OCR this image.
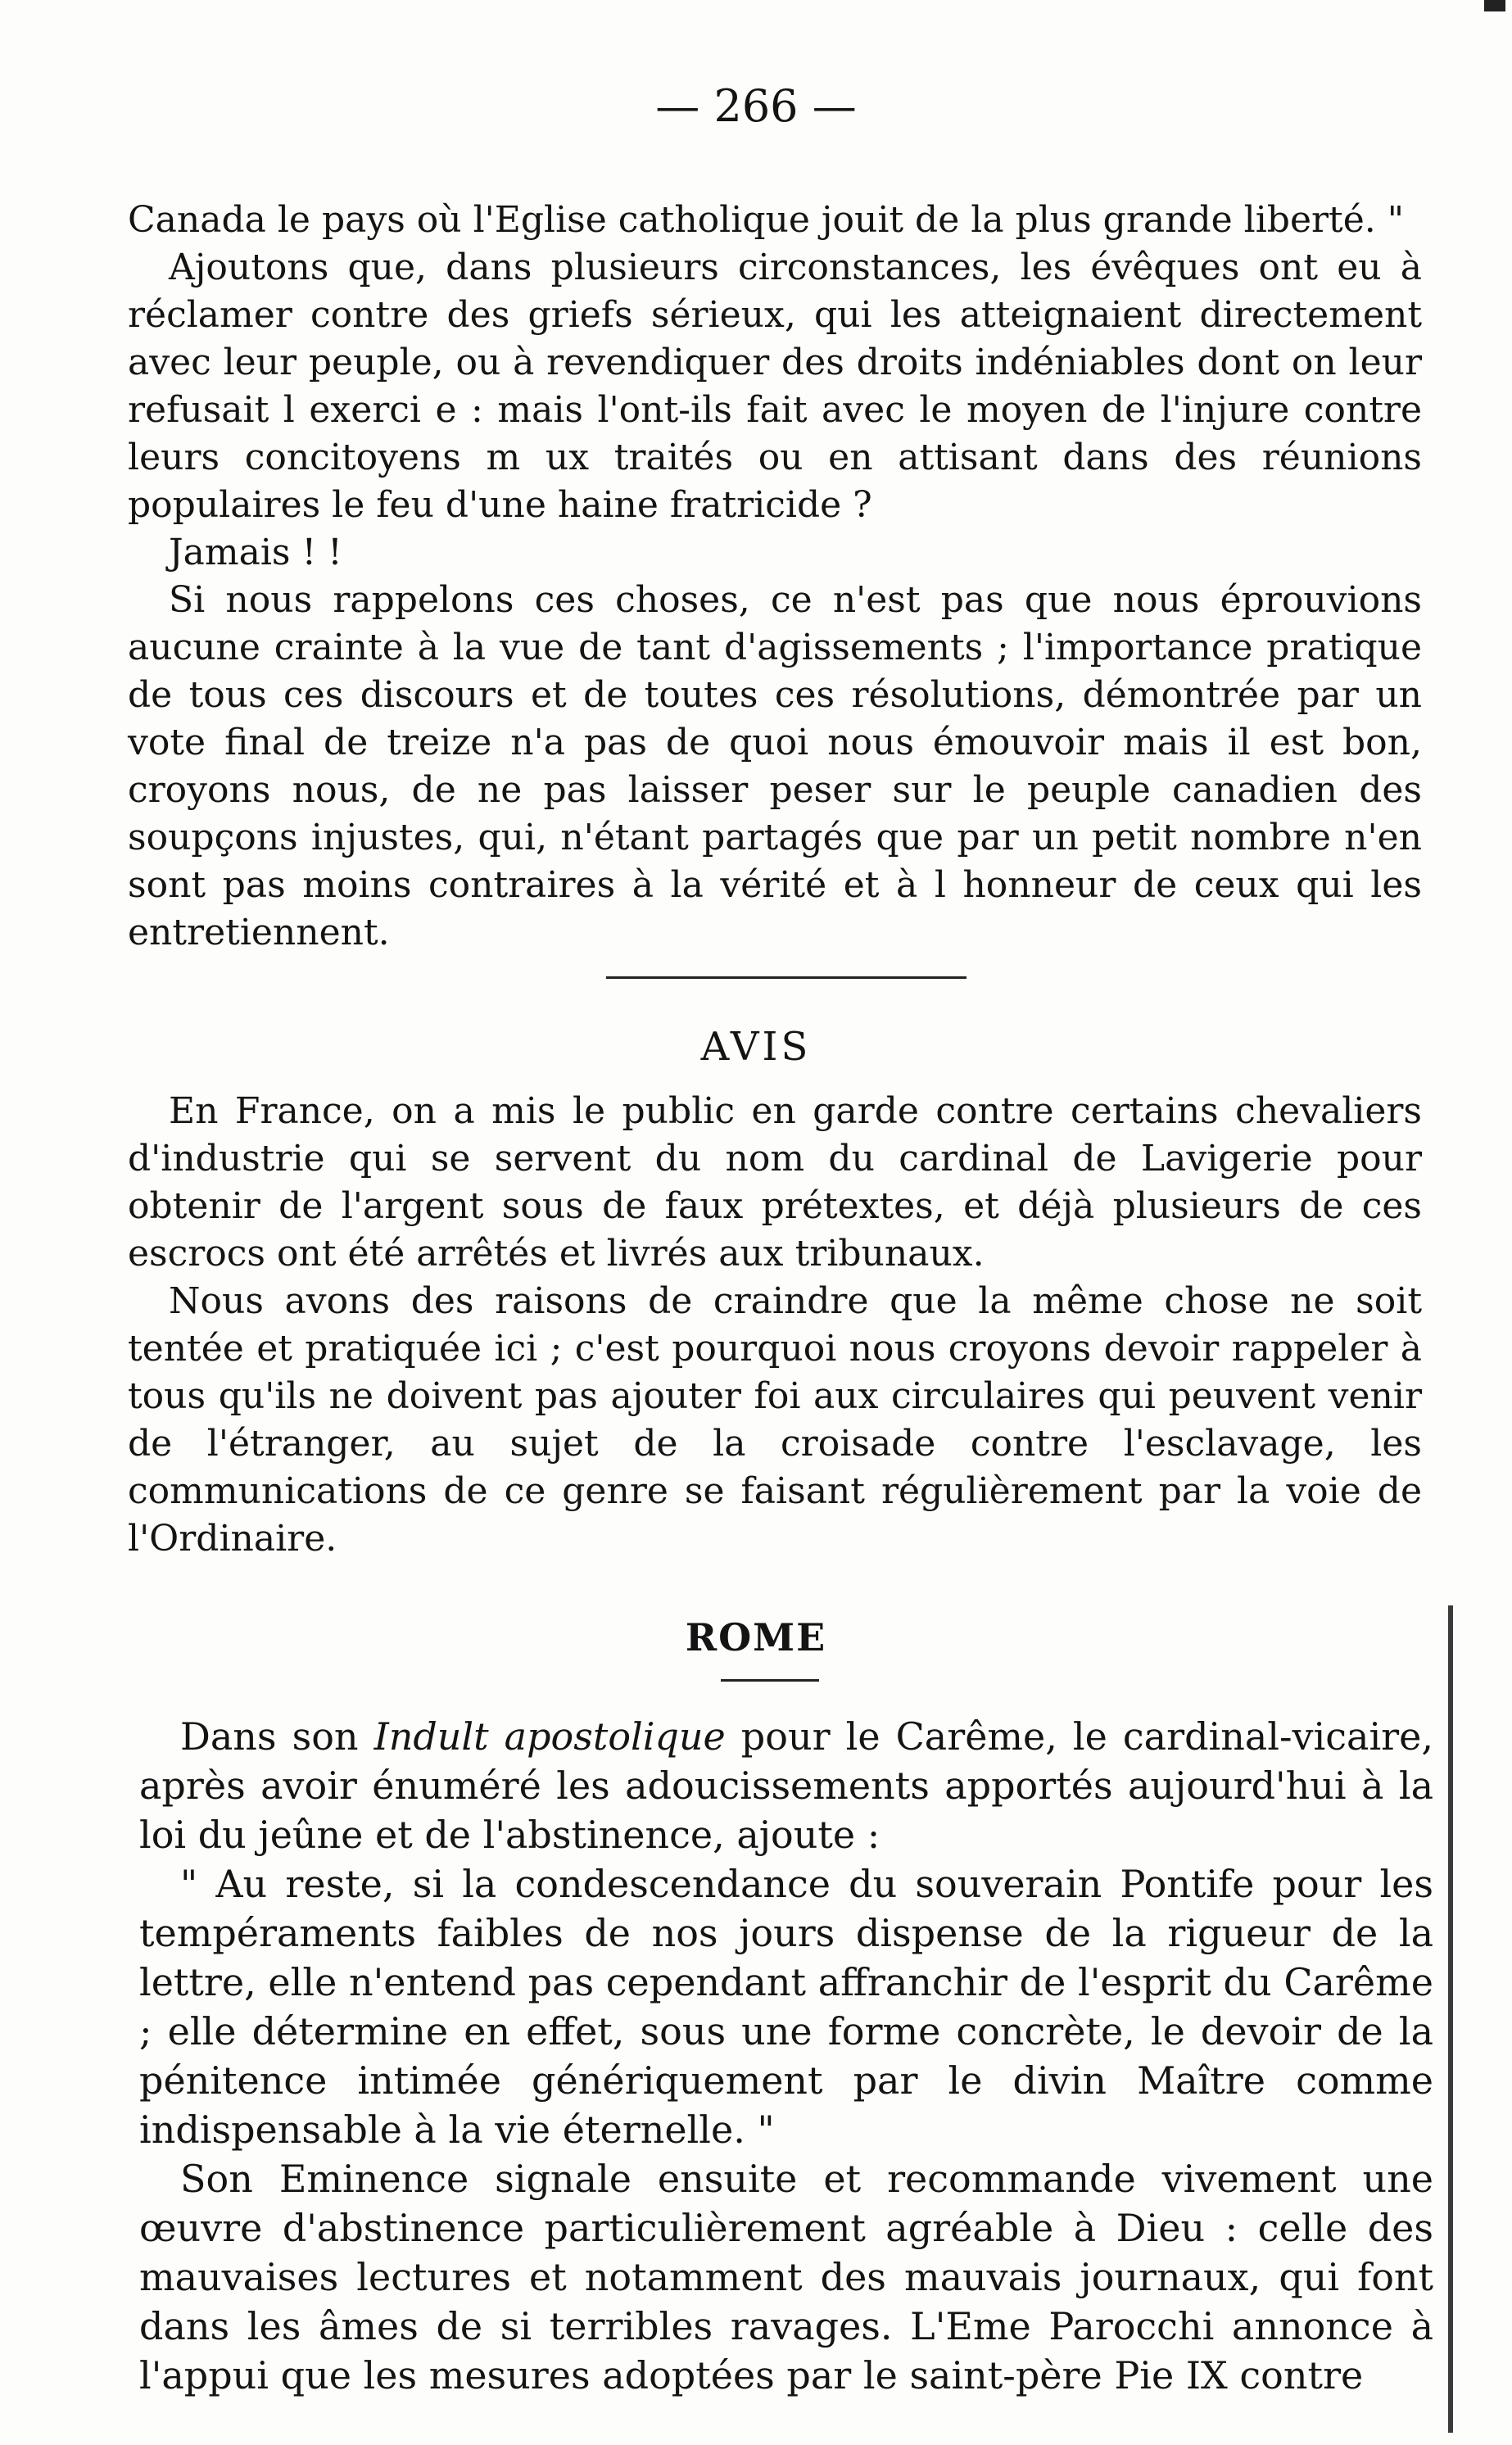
— 266 —

Canada le pays où l'Eglise catholique jouit de la plus grande liberté. "

Ajoutons que, dans plusieurs circonstances, les évêques ont eu à réclamer contre des griefs sérieux, qui les atteignaient directement avec leur peuple, ou à revendiquer des droits indéniables dont on leur refusait l exerci e : mais l'ont-ils fait avec le moyen de l'injure contre leurs concitoyens m ux traités ou en attisant dans des réunions populaires le feu d'une haine fratricide ?

Jamais ! !

Si nous rappelons ces choses, ce n'est pas que nous éprouvions aucune crainte à la vue de tant d'agissements ; l'importance pratique de tous ces discours et de toutes ces résolutions, démontrée par un vote final de treize n'a pas de quoi nous émouvoir mais il est bon, croyons nous, de ne pas laisser peser sur le peuple canadien des soupçons injustes, qui, n'étant partagés que par un petit nombre n'en sont pas moins contraires à la vérité et à l honneur de ceux qui les entretiennent.

AVIS

En France, on a mis le public en garde contre certains chevaliers d'industrie qui se servent du nom du cardinal de Lavigerie pour obtenir de l'argent sous de faux prétextes, et déjà plusieurs de ces escrocs ont été arrêtés et livrés aux tribunaux.

Nous avons des raisons de craindre que la même chose ne soit tentée et pratiquée ici ; c'est pourquoi nous croyons devoir rappeler à tous qu'ils ne doivent pas ajouter foi aux circulaires qui peuvent venir de l'étranger, au sujet de la croisade contre l'esclavage, les communications de ce genre se faisant régulièrement par la voie de l'Ordinaire.

ROME

Dans son Indult apostolique pour le Carême, le cardinal-vicaire, après avoir énuméré les adoucissements apportés aujourd'hui à la loi du jeûne et de l'abstinence, ajoute :

" Au reste, si la condescendance du souverain Pontife pour les tempéraments faibles de nos jours dispense de la rigueur de la lettre, elle n'entend pas cependant affranchir de l'esprit du Carême ; elle détermine en effet, sous une forme concrète, le devoir de la pénitence intimée génériquement par le divin Maître comme indispensable à la vie éternelle. "

Son Eminence signale ensuite et recommande vivement une œuvre d'abstinence particulièrement agréable à Dieu : celle des mauvaises lectures et notamment des mauvais journaux, qui font dans les âmes de si terribles ravages. L'Eme Parocchi annonce à l'appui que les mesures adoptées par le saint-père Pie IX contre
